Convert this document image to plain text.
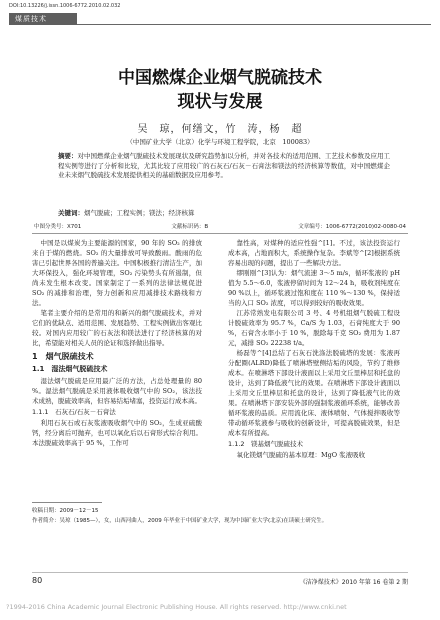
DOI:10.13226/j.issn.1006-6772.2010.02.032
煤质技术
中国燃煤企业烟气脱硫技术
现状与发展
吴　琼，何缮文，竹　涛，杨　超
（中国矿业大学（北京）化学与环境工程学院，北京　100083）
摘要：对中国燃煤企业烟气脱硫技术发展现状及研究趋势加以分析，并对各技术的适用范围、工艺技术参数及应用工程实例等进行了分析和比较，尤其比较了应用较广的石灰石/石灰－石膏法和镁法的经济核算等数值，对中国燃煤企业未来烟气脱硫技术发展提供相关的基础数据及应用参考。
关键词：烟气脱硫；工程实例；镁法；经济核算
中图分类号：X701	文献标识码：B	文章编号：1006-6772(2010)02-0080-04

中国是以煤炭为主要能源的国家，90 年的 SO₂ 的排放来自于煤的燃烧。SO₂ 的大量排放可导致酸雨。酸雨的危害已引起世界各国的普遍关注。中国积极推行清洁生产，加大环保投入，强化环境管理，SO₂ 污染势头有所遏制，但尚未发生根本改变。国家制定了一系列的法律法规促进 SO₂ 的减排和治理，努力创新和应用减排技术路线和方法。

笔者主要介绍的是常用的和新兴的烟气脱硫技术，并对它们的优缺点、适用范围、发展趋势、工程实例做出客观比较。对国内应用较广的石灰法和镁法进行了经济核算的对比，希望能对相关人员的论证和选择做出指导。

1　烟气脱硫技术
1.1　湿法烟气脱硫技术

湿法烟气脱硫是应用最广泛的方法，占总处理量的 80 %。湿法烟气脱硫是采用液体吸收烟气中的 SO₂，该法技术成熟，脱硫效率高，但容易结垢堵塞，投资运行成本高。

1.1.1　石灰石/石灰－石膏法

利用石灰石或石灰浆液吸收烟气中的 SO₂，生成亚硫酸钙，经分离后可抛弃，也可以氧化后以石膏形式综合利用。本法脱硫效率高于 95 %，工作可

靠性高，对煤种的适应性强^[1]。不过，该法投资运行成本高，占地面积大，系统操作复杂。李斌等^[2]根据系统容易出现的问题，提出了一些解决方法。

缪刚刚^[3]认为：烟气流速 3～5 m/s，循环浆液的 pH 值为 5.5～6.0，浆液停留时间为 12～24 h，吸收剂纯度在 90 %以上，循环浆液过饱和度在 110 %～130 %，保持适当的入口 SO₂ 浓度，可以得到较好的吸收效果。

江苏常熟发电有限公司 3 号、4 号机组烟气脱硫工程设计脱硫效率为 95.7 %，Ca/S 为 1.03，石膏纯度大于 90 %，石膏含水率小于 10 %，脱除每千克 SO₂ 费用为 1.87 元，减排 SO₂ 22238 t/a。

杨磊等^[4]总结了石灰石洗涤法脱硫塔的发展：浆液再分配圈(ALRD)降低了喷淋塔壁侧结垢的风险，节约了维修成本。在喷淋塔下部设计液面以上采用文丘里棒层和托盘的设计，达到了降低液气比的效果。在喷淋塔下部设计液面以上采用文丘里棒层和托盘的设计，达到了降低液气比的效果。在喷淋塔下部安装外部的强制浆液循环系统，能够改善循环浆液的品质。应用流化床、液体喷射、气体搅拌吸收等带动循环浆液参与吸收的创新设计，可提高脱硫效果，但是成本有所提高。

1.1.2　镁基烟气脱硫技术

氧化镁烟气脱硫的基本原理：MgO 浆液吸收

收稿日期：2009－12－15
作者简介：吴琼（1985—），女，山西河曲人，2009 年毕业于中国矿业大学，现为中国矿业大学(北京)在读硕士研究生。
80	《洁净煤技术》2010 年第 16 卷第 2 期
?1994-2016 China Academic Journal Electronic Publishing House. All rights reserved. http://www.cnki.net
